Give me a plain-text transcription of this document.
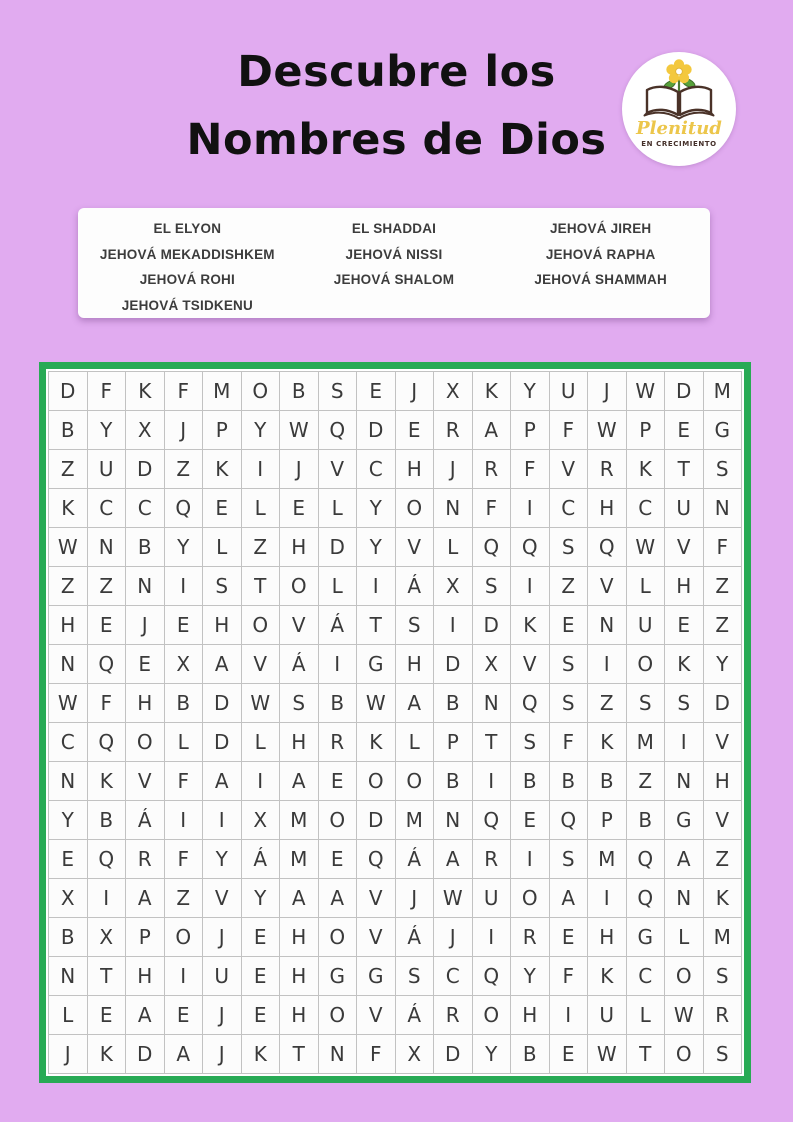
Descubre los
Nombres de Dios	Plenitud
EN CRECIMIENTO
EL ELYON
JEHOVÁ MEKADDISHKEM
JEHOVÁ ROHI
JEHOVÁ TSIDKENU
EL SHADDAI
JEHOVÁ NISSI
JEHOVÁ SHALOM
JEHOVÁ JIREH
JEHOVÁ RAPHA
JEHOVÁ SHAMMAH
D	F	K	F	M	O	B	S	E	J	X	K	Y	U	J	W	D	M
B	Y	X	J	P	Y	W	Q	D	E	R	A	P	F	W	P	E	G
Z	U	D	Z	K	I	J	V	C	H	J	R	F	V	R	K	T	S
K	C	C	Q	E	L	E	L	Y	O	N	F	I	C	H	C	U	N
W	N	B	Y	L	Z	H	D	Y	V	L	Q	Q	S	Q	W	V	F
Z	Z	N	I	S	T	O	L	I	Á	X	S	I	Z	V	L	H	Z
H	E	J	E	H	O	V	Á	T	S	I	D	K	E	N	U	E	Z
N	Q	E	X	A	V	Á	I	G	H	D	X	V	S	I	O	K	Y
W	F	H	B	D	W	S	B	W	A	B	N	Q	S	Z	S	S	D
C	Q	O	L	D	L	H	R	K	L	P	T	S	F	K	M	I	V
N	K	V	F	A	I	A	E	O	O	B	I	B	B	B	Z	N	H
Y	B	Á	I	I	X	M	O	D	M	N	Q	E	Q	P	B	G	V
E	Q	R	F	Y	Á	M	E	Q	Á	A	R	I	S	M	Q	A	Z
X	I	A	Z	V	Y	A	A	V	J	W	U	O	A	I	Q	N	K
B	X	P	O	J	E	H	O	V	Á	J	I	R	E	H	G	L	M
N	T	H	I	U	E	H	G	G	S	C	Q	Y	F	K	C	O	S
L	E	A	E	J	E	H	O	V	Á	R	O	H	I	U	L	W	R
J	K	D	A	J	K	T	N	F	X	D	Y	B	E	W	T	O	S
